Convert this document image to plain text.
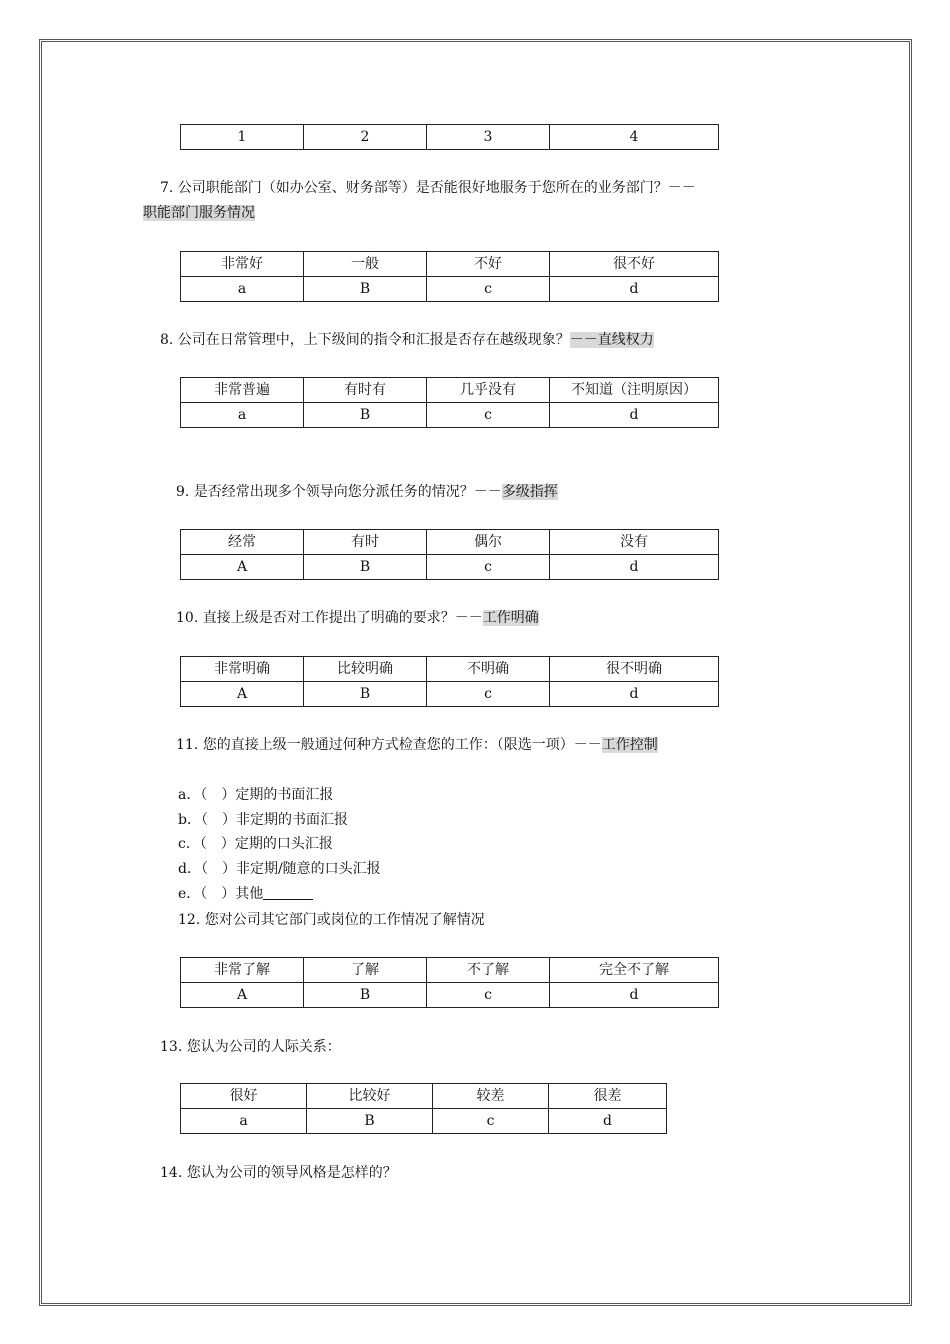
1	2	3	4
7. 公司职能部门（如办公室、财务部等）是否能很好地服务于您所在的业务部门？－－
职能部门服务情况
非常好	一般	不好	很不好
a	B	c	d
8. 公司在日常管理中，上下级间的指令和汇报是否存在越级现象？－－直线权力
非常普遍	有时有	几乎没有	不知道（注明原因）
a	B	c	d
9. 是否经常出现多个领导向您分派任务的情况？－－多级指挥
经常	有时	偶尔	没有
A	B	c	d
10. 直接上级是否对工作提出了明确的要求？－－工作明确
非常明确	比较明确	不明确	很不明确
A	B	c	d
11. 您的直接上级一般通过何种方式检查您的工作：（限选一项）－－工作控制
a．（　）定期的书面汇报
b．（　）非定期的书面汇报
c．（　）定期的口头汇报
d．（　）非定期/随意的口头汇报
e．（　）其他
12. 您对公司其它部门或岗位的工作情况了解情况
非常了解	了解	不了解	完全不了解
A	B	c	d
13. 您认为公司的人际关系：
很好	比较好	较差	很差
a	B	c	d
14. 您认为公司的领导风格是怎样的？
